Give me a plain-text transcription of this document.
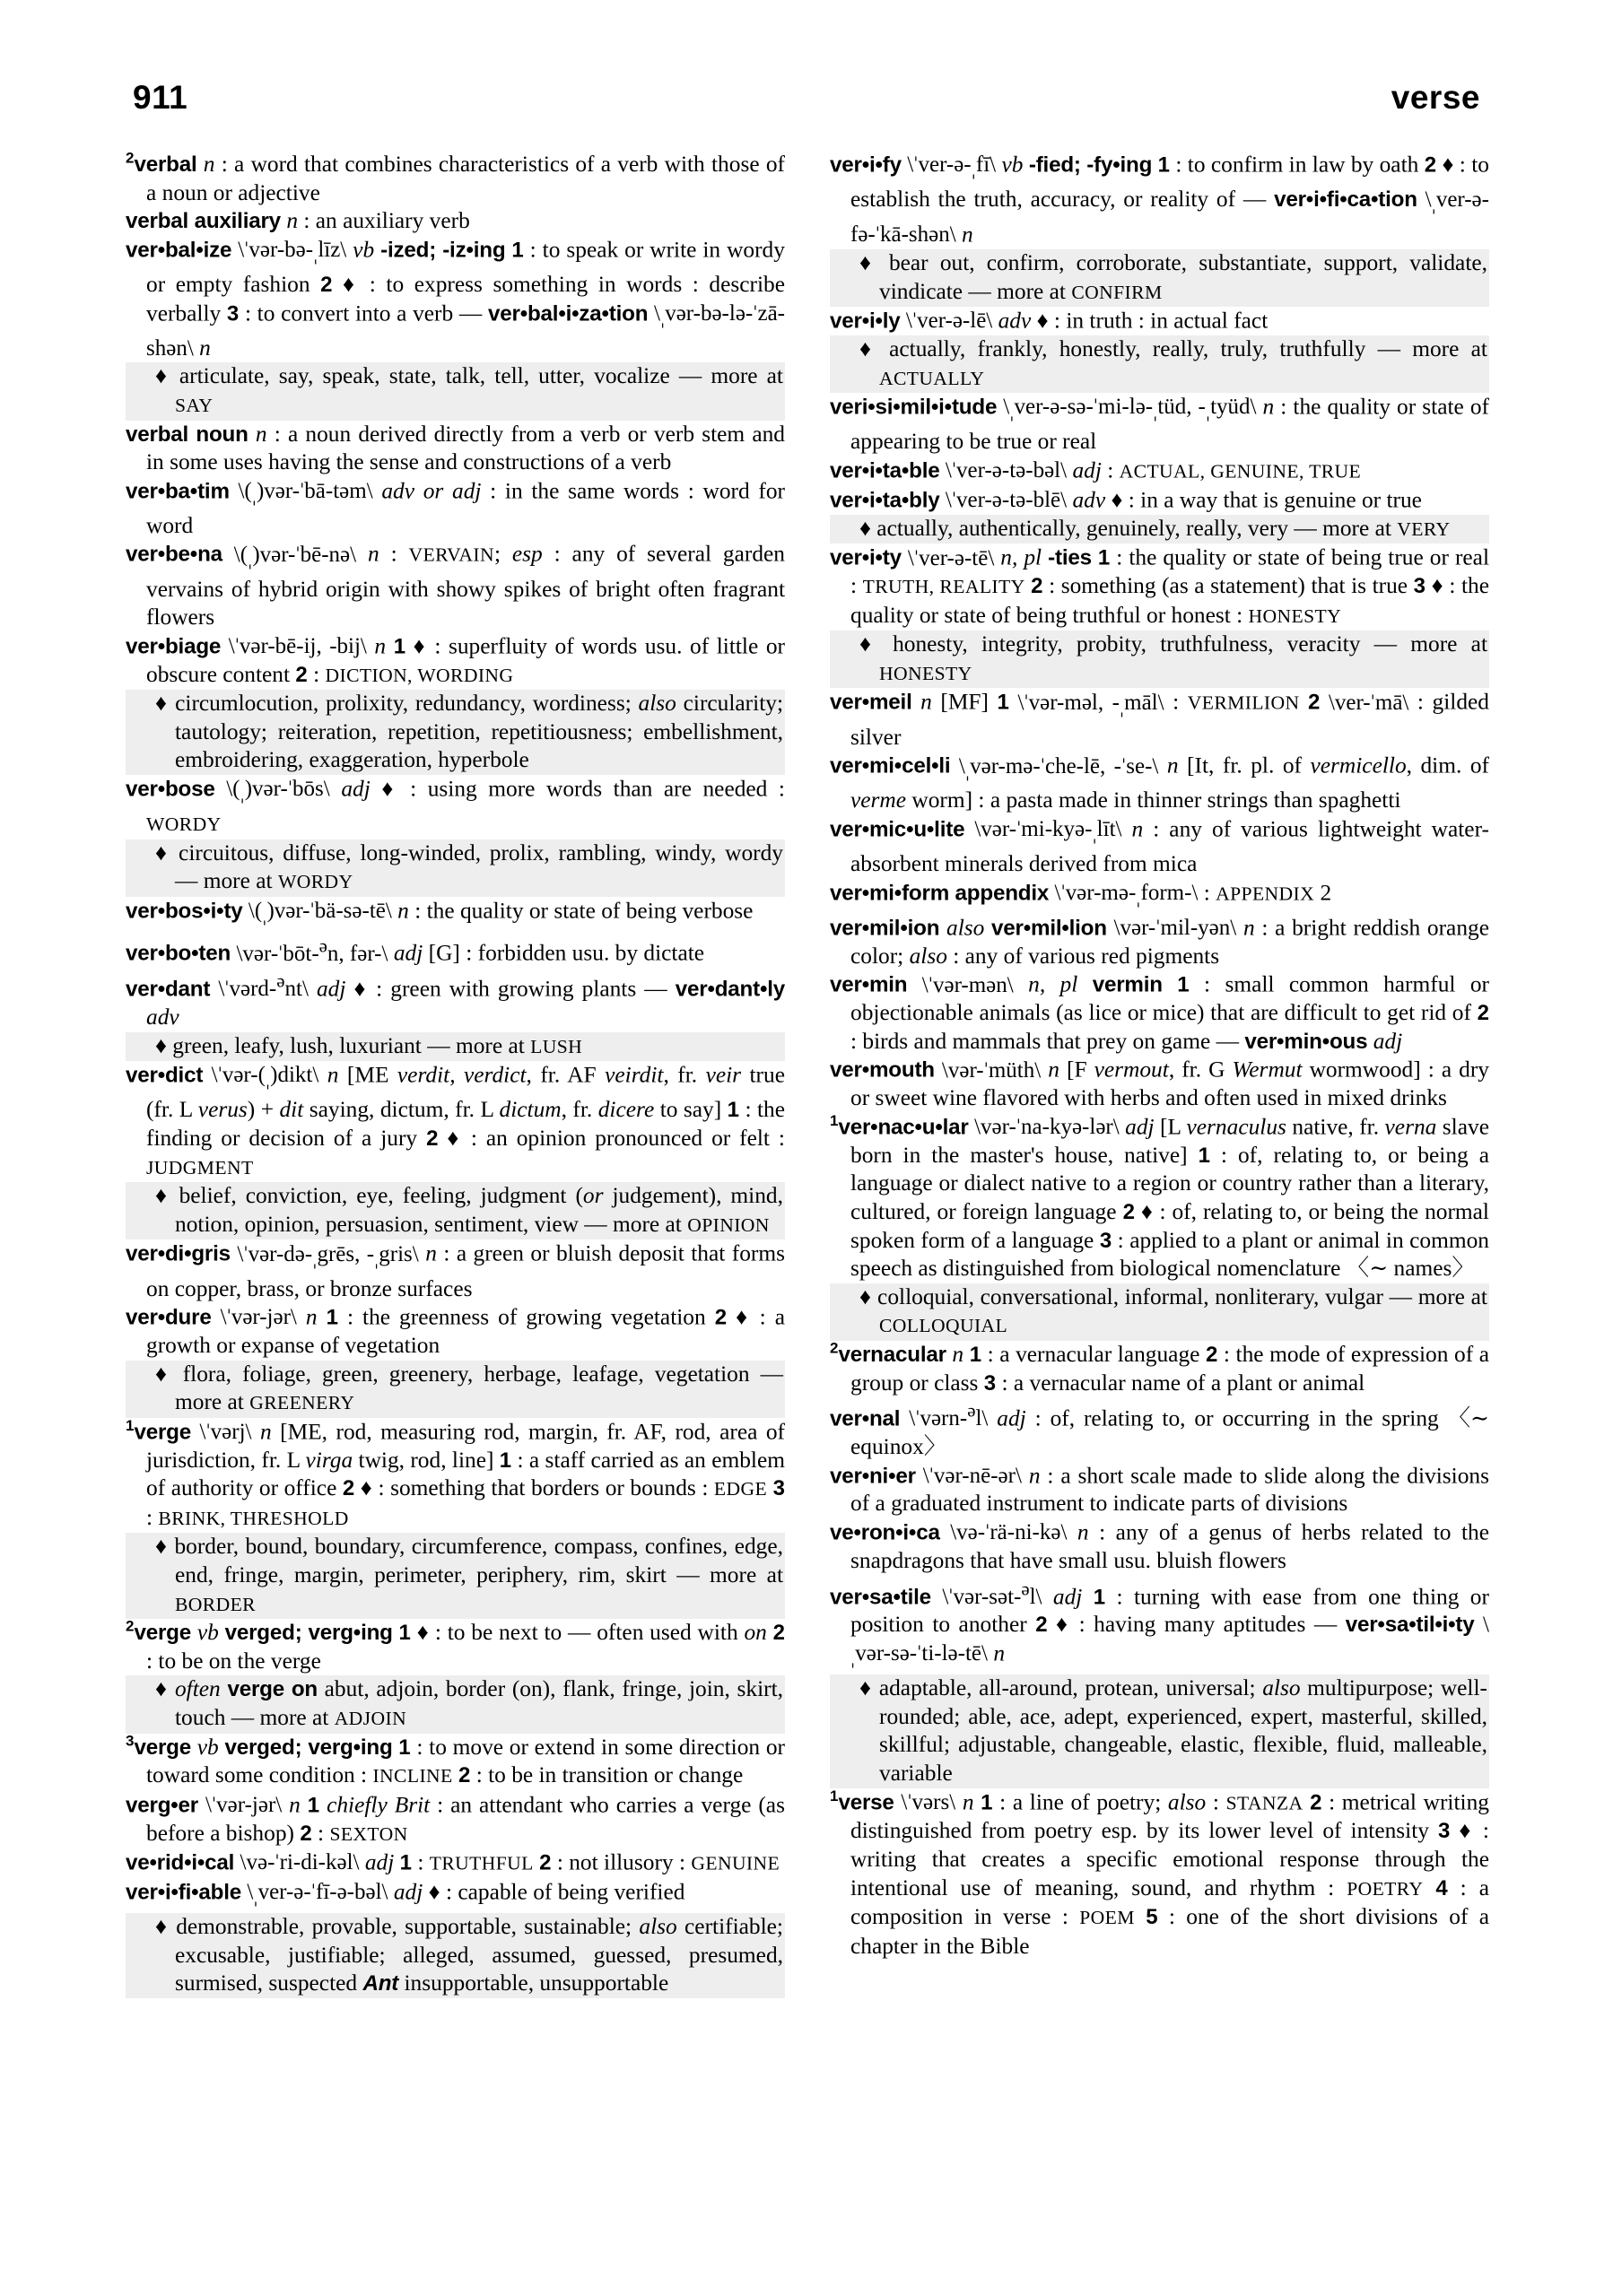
911	verse

$^2$verbal n : a word that combines characteristics of a verb with those of a noun or adjective

verbal auxiliary n : an auxiliary verb

ver•bal•ize $\backslash ˈvər-bə-_ˌlīz\backslash$ vb -ized; -iz•ing 1 : to speak or write in wordy or empty fashion 2 ♦ : to express something in words : describe verbally 3 : to convert into a verb — ver•bal•i•za•tion $\backslash_ˌvər-bə-lə-ˈzā-shən\backslash$ n

♦ articulate, say, speak, state, talk, tell, utter, vocalize — more at SAY

verbal noun n : a noun derived directly from a verb or verb stem and in some uses having the sense and constructions of a verb

ver•ba•tim $\backslash(_ˌ)vər-ˈbā-təm\backslash$ adv or adj : in the same words : word for word

ver•be•na $\backslash(_ˌ)vər-ˈbē-nə\backslash$ n : VERVAIN; esp : any of several garden vervains of hybrid origin with showy spikes of bright often fragrant flowers

ver•biage \ˈvər-bē-ij, -bij\ n 1 ♦ : superfluity of words usu. of little or obscure content 2 : DICTION, WORDING

♦ circumlocution, prolixity, redundancy, wordiness; also circularity; tautology; reiteration, repetition, repetitiousness; embellishment, embroidering, exaggeration, hyperbole

ver•bose $\backslash(_ˌ)vər-ˈbōs\backslash$ adj ♦ : using more words than are needed : WORDY

♦ circuitous, diffuse, long-winded, prolix, rambling, windy, wordy — more at WORDY

ver•bos•i•ty $\backslash(_ˌ)vər-ˈbä-sə-tē\backslash$ n : the quality or state of being verbose

ver•bo•ten \vər-ˈbōt-$^ə$n, fər-\ adj [G] : forbidden usu. by dictate

ver•dant \ˈvərd-$^ə$nt\ adj ♦ : green with growing plants — ver•dant•ly adv

♦ green, leafy, lush, luxuriant — more at LUSH

ver•dict $\backslash ˈvər-(_ˌ)dikt\backslash$ n [ME verdit, verdict, fr. AF veirdit, fr. veir true (fr. L verus) + dit saying, dictum, fr. L dictum, fr. dicere to say] 1 : the finding or decision of a jury 2 ♦ : an opinion pronounced or felt : JUDGMENT

♦ belief, conviction, eye, feeling, judgment (or judgement), mind, notion, opinion, persuasion, sentiment, view — more at OPINION

ver•di•gris $\backslash ˈvər-də-_ˌgrēs$, $-_ˌgris\backslash$ n : a green or bluish deposit that forms on copper, brass, or bronze surfaces

ver•dure \ˈvər-jər\ n 1 : the greenness of growing vegetation 2 ♦ : a growth or expanse of vegetation

♦ flora, foliage, green, greenery, herbage, leafage, vegetation — more at GREENERY

$^1$verge \ˈvərj\ n [ME, rod, measuring rod, margin, fr. AF, rod, area of jurisdiction, fr. L virga twig, rod, line] 1 : a staff carried as an emblem of authority or office 2 ♦ : something that borders or bounds : EDGE 3 : BRINK, THRESHOLD

♦ border, bound, boundary, circumference, compass, confines, edge, end, fringe, margin, perimeter, periphery, rim, skirt — more at BORDER

$^2$verge vb verged; verg•ing 1 ♦ : to be next to — often used with on 2 : to be on the verge

♦ often verge on abut, adjoin, border (on), flank, fringe, join, skirt, touch — more at ADJOIN

$^3$verge vb verged; verg•ing 1 : to move or extend in some direction or toward some condition : INCLINE 2 : to be in transition or change

verg•er \ˈvər-jər\ n 1 chiefly Brit : an attendant who carries a verge (as before a bishop) 2 : SEXTON

ve•rid•i•cal \və-ˈri-di-kəl\ adj 1 : TRUTHFUL 2 : not illusory : GENUINE

ver•i•fi•able $\backslash_ˌver-ə-ˈfī-ə-bəl\backslash$ adj ♦ : capable of being verified

♦ demonstrable, provable, supportable, sustainable; also certifiable; excusable, justifiable; alleged, assumed, guessed, presumed, surmised, suspected Ant insupportable, unsupportable

ver•i•fy $\backslash ˈver-ə-_ˌfī\backslash$ vb -fied; -fy•ing 1 : to confirm in law by oath 2 ♦ : to establish the truth, accuracy, or reality of — ver•i•fi•ca•tion $\backslash_ˌver-ə-fə-ˈkā-shən\backslash$ n

♦ bear out, confirm, corroborate, substantiate, support, validate, vindicate — more at CONFIRM

ver•i•ly \ˈver-ə-lē\ adv ♦ : in truth : in actual fact

♦ actually, frankly, honestly, really, truly, truthfully — more at ACTUALLY

veri•si•mil•i•tude $\backslash_ˌver-ə-sə-ˈmi-lə-_ˌtüd$, $-_ˌtyüd\backslash$ n : the quality or state of appearing to be true or real

ver•i•ta•ble \ˈver-ə-tə-bəl\ adj : ACTUAL, GENUINE, TRUE

ver•i•ta•bly \ˈver-ə-tə-blē\ adv ♦ : in a way that is genuine or true

♦ actually, authentically, genuinely, really, very — more at VERY

ver•i•ty \ˈver-ə-tē\ n, pl -ties 1 : the quality or state of being true or real : TRUTH, REALITY 2 : something (as a statement) that is true 3 ♦ : the quality or state of being truthful or honest : HONESTY

♦ honesty, integrity, probity, truthfulness, veracity — more at HONESTY

ver•meil n [MF] 1 \ˈvər-məl, $-_ˌmāl\backslash$ : VERMILION 2 \ver-ˈmā\ : gilded silver

ver•mi•cel•li $\backslash_ˌvər-mə-ˈche-lē$, -ˈse-\ n [It, fr. pl. of vermicello, dim. of verme worm] : a pasta made in thinner strings than spaghetti

ver•mic•u•lite $\backslash vər-ˈmi-kyə-_ˌlīt\backslash$ n : any of various lightweight water-absorbent minerals derived from mica

ver•mi•form appendix $\backslash ˈvər-mə-_ˌform-\backslash$ : APPENDIX 2

ver•mil•ion also ver•mil•lion \vər-ˈmil-yən\ n : a bright reddish orange color; also : any of various red pigments

ver•min \ˈvər-mən\ n, pl vermin 1 : small common harmful or objectionable animals (as lice or mice) that are difficult to get rid of 2 : birds and mammals that prey on game — ver•min•ous adj

ver•mouth \vər-ˈmüth\ n [F vermout, fr. G Wermut wormwood] : a dry or sweet wine flavored with herbs and often used in mixed drinks

$^1$ver•nac•u•lar \vər-ˈna-kyə-lər\ adj [L vernaculus native, fr. verna slave born in the master's house, native] 1 : of, relating to, or being a language or dialect native to a region or country rather than a literary, cultured, or foreign language 2 ♦ : of, relating to, or being the normal spoken form of a language 3 : applied to a plant or animal in common speech as distinguished from biological nomenclature 〈∼ names〉

♦ colloquial, conversational, informal, nonliterary, vulgar — more at COLLOQUIAL

$^2$vernacular n 1 : a vernacular language 2 : the mode of expression of a group or class 3 : a vernacular name of a plant or animal

ver•nal \ˈvərn-$^ə$l\ adj : of, relating to, or occurring in the spring 〈∼ equinox〉

ver•ni•er \ˈvər-nē-ər\ n : a short scale made to slide along the divisions of a graduated instrument to indicate parts of divisions

ve•ron•i•ca \və-ˈrä-ni-kə\ n : any of a genus of herbs related to the snapdragons that have small usu. bluish flowers

ver•sa•tile \ˈvər-sət-$^ə$l\ adj 1 : turning with ease from one thing or position to another 2 ♦ : having many aptitudes — ver•sa•til•i•ty $\backslash_ˌvər-sə-ˈti-lə-tē\backslash$ n

♦ adaptable, all-around, protean, universal; also multipurpose; well-rounded; able, ace, adept, experienced, expert, masterful, skilled, skillful; adjustable, changeable, elastic, flexible, fluid, malleable, variable

$^1$verse \ˈvərs\ n 1 : a line of poetry; also : STANZA 2 : metrical writing distinguished from poetry esp. by its lower level of intensity 3 ♦ : writing that creates a specific emotional response through the intentional use of meaning, sound, and rhythm : POETRY 4 : a composition in verse : POEM 5 : one of the short divisions of a chapter in the Bible
